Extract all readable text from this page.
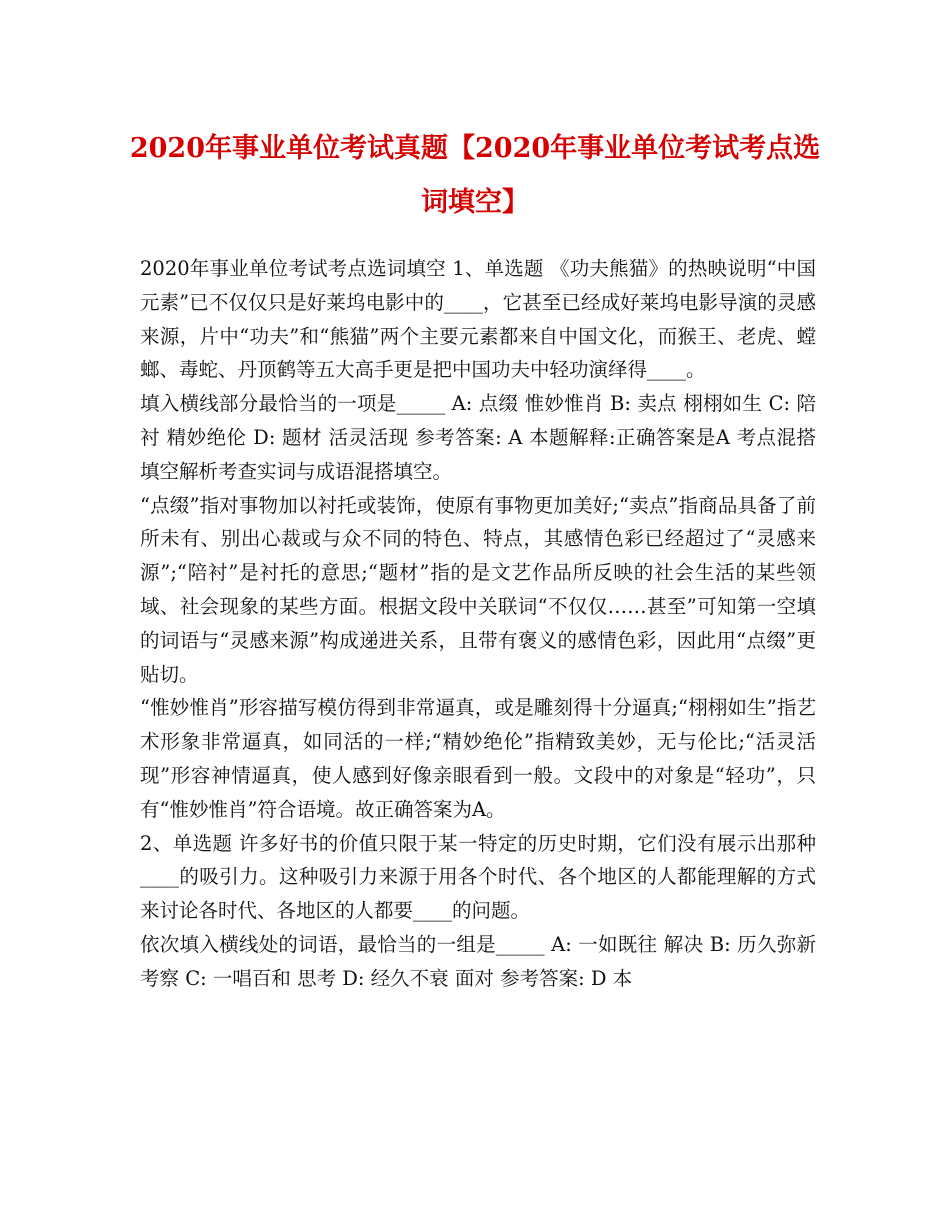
2020年事业单位考试真题【2020年事业单位考试考点选词填空】

2020年事业单位考试考点选词填空 1、单选题 《功夫熊猫》的热映说明“中国元素”已不仅仅只是好莱坞电影中的____，它甚至已经成好莱坞电影导演的灵感来源，片中“功夫”和“熊猫”两个主要元素都来自中国文化，而猴王、老虎、螳螂、毒蛇、丹顶鹤等五大高手更是把中国功夫中轻功演绎得____。

填入横线部分最恰当的一项是_____ A: 点缀 惟妙惟肖 B: 卖点 栩栩如生 C: 陪衬 精妙绝伦 D: 题材 活灵活现 参考答案: A 本题解释:正确答案是A 考点混搭填空解析考查实词与成语混搭填空。

“点缀”指对事物加以衬托或装饰，使原有事物更加美好;“卖点”指商品具备了前所未有、别出心裁或与众不同的特色、特点，其感情色彩已经超过了“灵感来源”;“陪衬”是衬托的意思;“题材”指的是文艺作品所反映的社会生活的某些领域、社会现象的某些方面。根据文段中关联词“不仅仅……甚至”可知第一空填的词语与“灵感来源”构成递进关系，且带有褒义的感情色彩，因此用“点缀”更贴切。

“惟妙惟肖”形容描写模仿得到非常逼真，或是雕刻得十分逼真;“栩栩如生”指艺术形象非常逼真，如同活的一样;“精妙绝伦”指精致美妙，无与伦比;“活灵活现”形容神情逼真，使人感到好像亲眼看到一般。文段中的对象是“轻功”，只有“惟妙惟肖”符合语境。故正确答案为A。

2、单选题 许多好书的价值只限于某一特定的历史时期，它们没有展示出那种____的吸引力。这种吸引力来源于用各个时代、各个地区的人都能理解的方式来讨论各时代、各地区的人都要____的问题。

依次填入横线处的词语，最恰当的一组是_____ A: 一如既往 解决 B: 历久弥新 考察 C: 一唱百和 思考 D: 经久不衰 面对 参考答案: D 本
